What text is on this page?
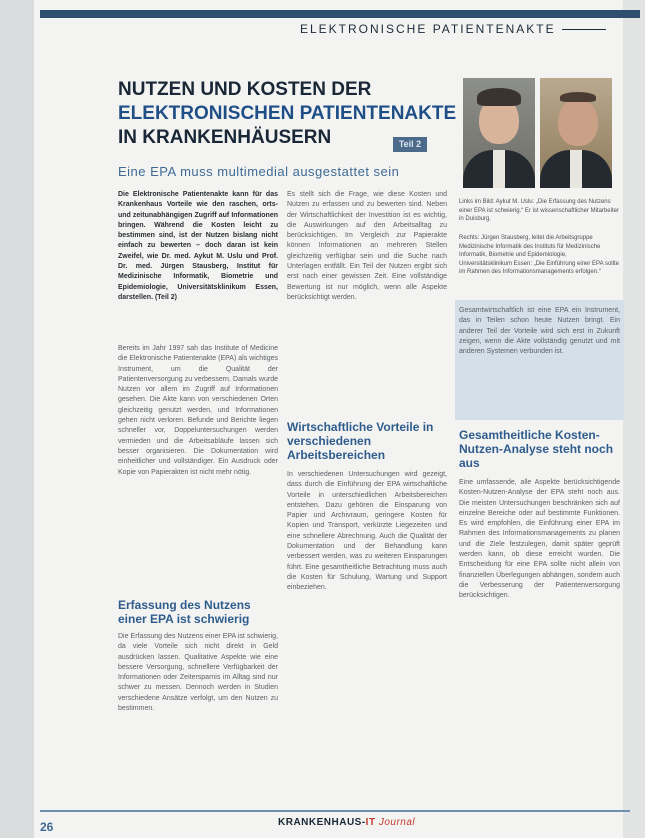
ELEKTRONISCHE PATIENTENAKTE
NUTZEN UND KOSTEN DER
ELEKTRONISCHEN PATIENTENAKTE
IN KRANKENHÄUSERN	Teil 2
Eine EPA muss multimedial ausgestattet sein
Links im Bild: Aykut M. Uslu: „Die Erfassung des Nutzens einer EPA ist schwierig.“ Er ist wissenschaftlicher Mitarbeiter in Duisburg.
Rechts: Jürgen Stausberg, leitet die Arbeitsgruppe Medizinische Informatik des Instituts für Medizinische Informatik, Biometrie und Epidemiologie, Universitätsklinikum Essen: „Die Einführung einer EPA sollte im Rahmen des Informationsmanagements erfolgen.“

Die Elektronische Patientenakte kann für das Krankenhaus Vorteile wie den raschen, orts- und zeitunabhängigen Zugriff auf Informationen bringen. Während die Kosten leicht zu bestimmen sind, ist der Nutzen bislang nicht einfach zu bewerten – doch daran ist kein Zweifel, wie Dr. med. Aykut M. Uslu und Prof. Dr. med. Jürgen Stausberg, Institut für Medizinische Informatik, Biometrie und Epidemiologie, Universitätsklinikum Essen, darstellen. (Teil 2)

Bereits im Jahr 1997 sah das Institute of Medicine die Elektronische Patientenakte (EPA) als wichtiges Instrument, um die Qualität der Patientenversorgung zu verbessern. Damals wurde Nutzen vor allem im Zugriff auf Informationen gesehen. Die Akte kann von verschiedenen Orten gleichzeitig genutzt werden, und Informationen gehen nicht verloren. Befunde und Berichte liegen schneller vor, Doppeluntersuchungen werden vermieden und die Arbeitsabläufe lassen sich besser organisieren. Die Dokumentation wird einheitlicher und vollständiger. Ein Ausdruck oder Kopie von Papierakten ist nicht mehr nötig.

Erfassung des Nutzens einer EPA ist schwierig

Die Erfassung des Nutzens einer EPA ist schwierig, da viele Vorteile sich nicht direkt in Geld ausdrücken lassen. Qualitative Aspekte wie eine bessere Versorgung, schnellere Verfügbarkeit der Informationen oder Zeitersparnis im Alltag sind nur schwer zu messen. Dennoch werden in Studien verschiedene Ansätze verfolgt, um den Nutzen zu bestimmen.

Es stellt sich die Frage, wie diese Kosten und Nutzen zu erfassen und zu bewerten sind. Neben der Wirtschaftlichkeit der Investition ist es wichtig, die Auswirkungen auf den Arbeitsalltag zu berücksichtigen. Im Vergleich zur Papierakte können Informationen an mehreren Stellen gleichzeitig verfügbar sein und die Suche nach Unterlagen entfällt. Ein Teil der Nutzen ergibt sich erst nach einer gewissen Zeit. Eine vollständige Bewertung ist nur möglich, wenn alle Aspekte berücksichtigt werden.

Wirtschaftliche Vorteile in verschiedenen Arbeitsbereichen

In verschiedenen Untersuchungen wird gezeigt, dass durch die Einführung der EPA wirtschaftliche Vorteile in unterschiedlichen Arbeitsbereichen entstehen. Dazu gehören die Einsparung von Papier und Archivraum, geringere Kosten für Kopien und Transport, verkürzte Liegezeiten und eine schnellere Abrechnung. Auch die Qualität der Dokumentation und der Behandlung kann verbessert werden, was zu weiteren Einsparungen führt. Eine gesamtheitliche Betrachtung muss auch die Kosten für Schulung, Wartung und Support einbeziehen.

Gesamtwirtschaftlich ist eine EPA ein Instrument, das in Teilen schon heute Nutzen bringt. Ein anderer Teil der Vorteile wird sich erst in Zukunft zeigen, wenn die Akte vollständig genutzt und mit anderen Systemen verbunden ist.

Gesamtheitliche Kosten-Nutzen-Analyse steht noch aus

Eine umfassende, alle Aspekte berücksichtigende Kosten-Nutzen-Analyse der EPA steht noch aus. Die meisten Untersuchungen beschränken sich auf einzelne Bereiche oder auf bestimmte Funktionen. Es wird empfohlen, die Einführung einer EPA im Rahmen des Informationsmanagements zu planen und die Ziele festzulegen, damit später geprüft werden kann, ob diese erreicht wurden. Die Entscheidung für eine EPA sollte nicht allein von finanziellen Überlegungen abhängen, sondern auch die Verbesserung der Patientenversorgung berücksichtigen.

26	KRANKENHAUS-IT Journal
